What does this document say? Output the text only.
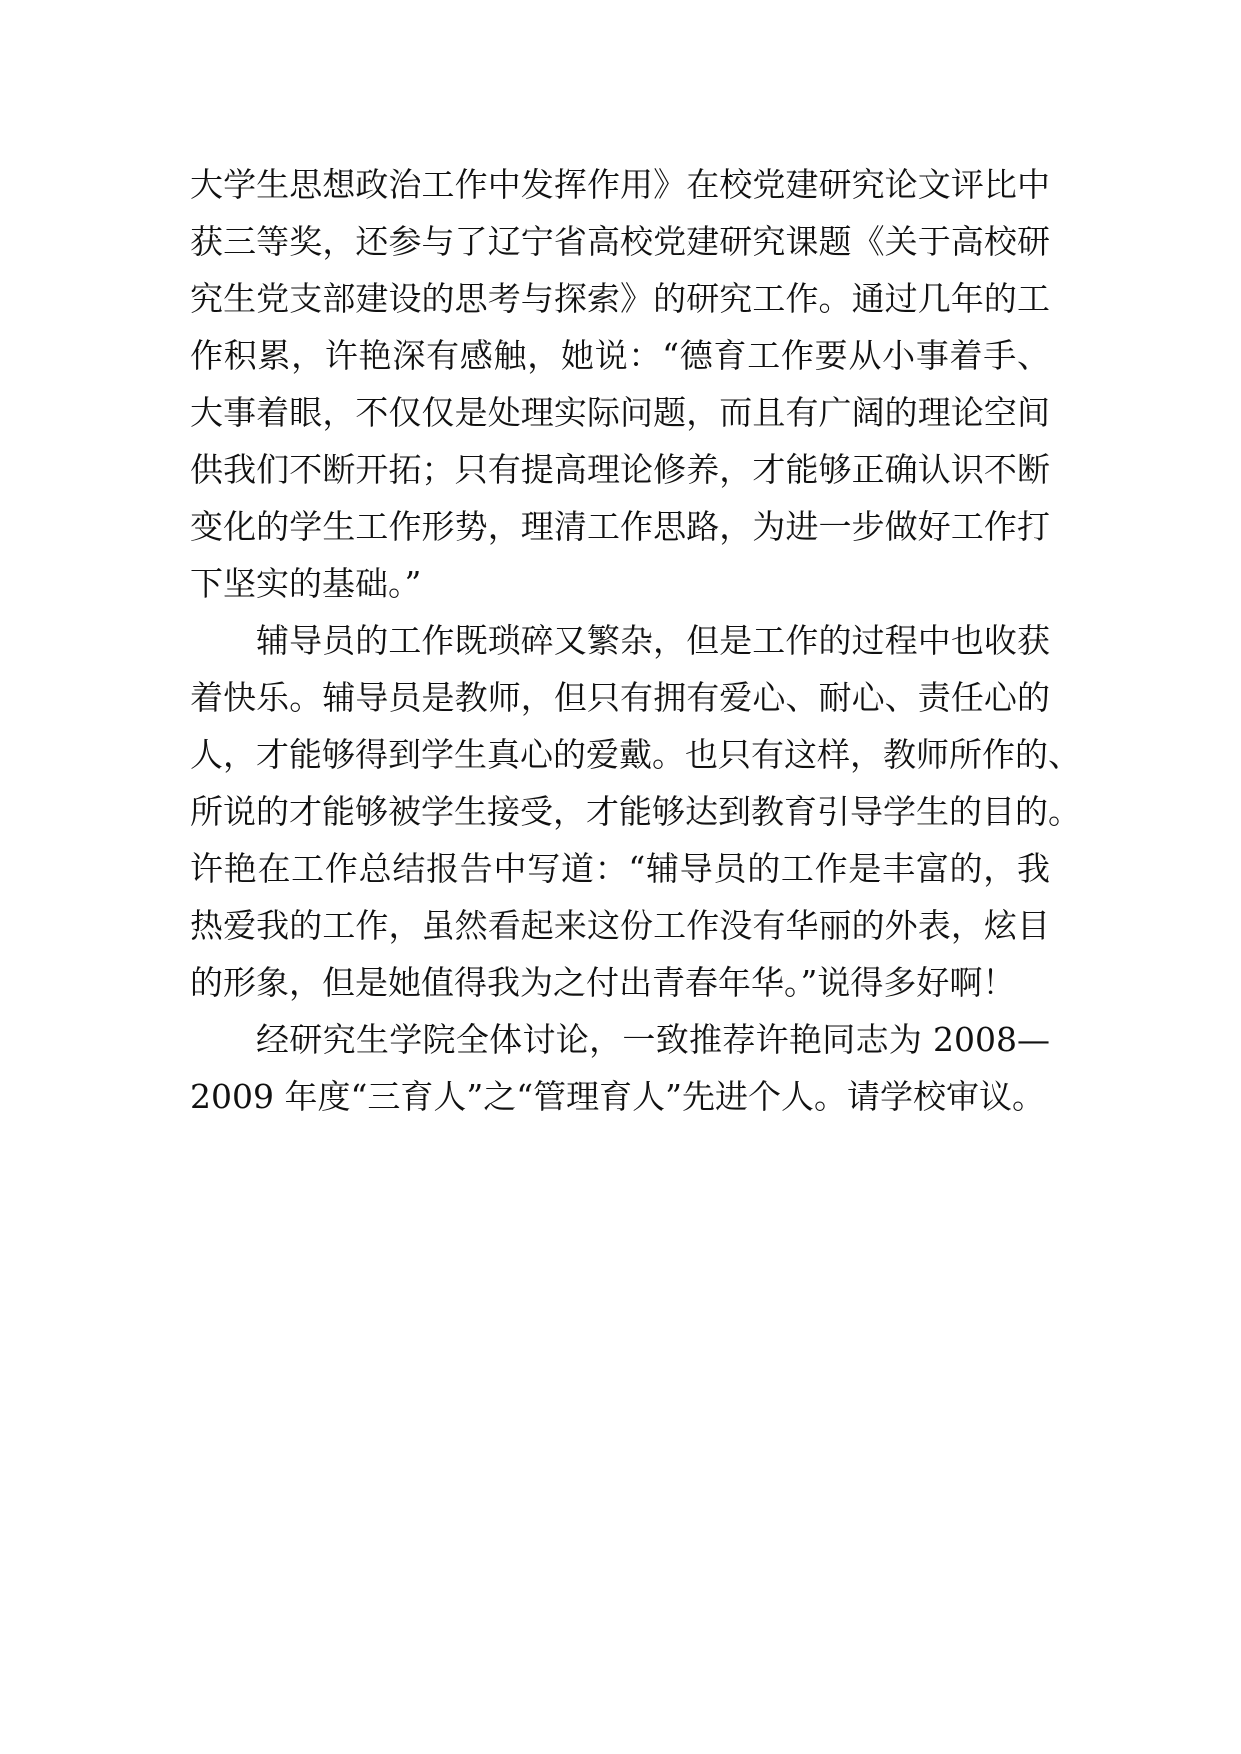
大学生思想政治工作中发挥作用》在校党建研究论文评比中
获三等奖，还参与了辽宁省高校党建研究课题《关于高校研
究生党支部建设的思考与探索》的研究工作。通过几年的工
作积累，许艳深有感触，她说：“德育工作要从小事着手、
大事着眼，不仅仅是处理实际问题，而且有广阔的理论空间
供我们不断开拓；只有提高理论修养，才能够正确认识不断
变化的学生工作形势，理清工作思路，为进一步做好工作打
下坚实的基础。”
辅导员的工作既琐碎又繁杂，但是工作的过程中也收获
着快乐。辅导员是教师，但只有拥有爱心、耐心、责任心的
人，才能够得到学生真心的爱戴。也只有这样，教师所作的、
所说的才能够被学生接受，才能够达到教育引导学生的目的。
许艳在工作总结报告中写道：“辅导员的工作是丰富的，我
热爱我的工作，虽然看起来这份工作没有华丽的外表，炫目
的形象，但是她值得我为之付出青春年华。”说得多好啊！
经研究生学院全体讨论，一致推荐许艳同志为 2008—
2009 年度“三育人”之“管理育人”先进个人。请学校审议。
